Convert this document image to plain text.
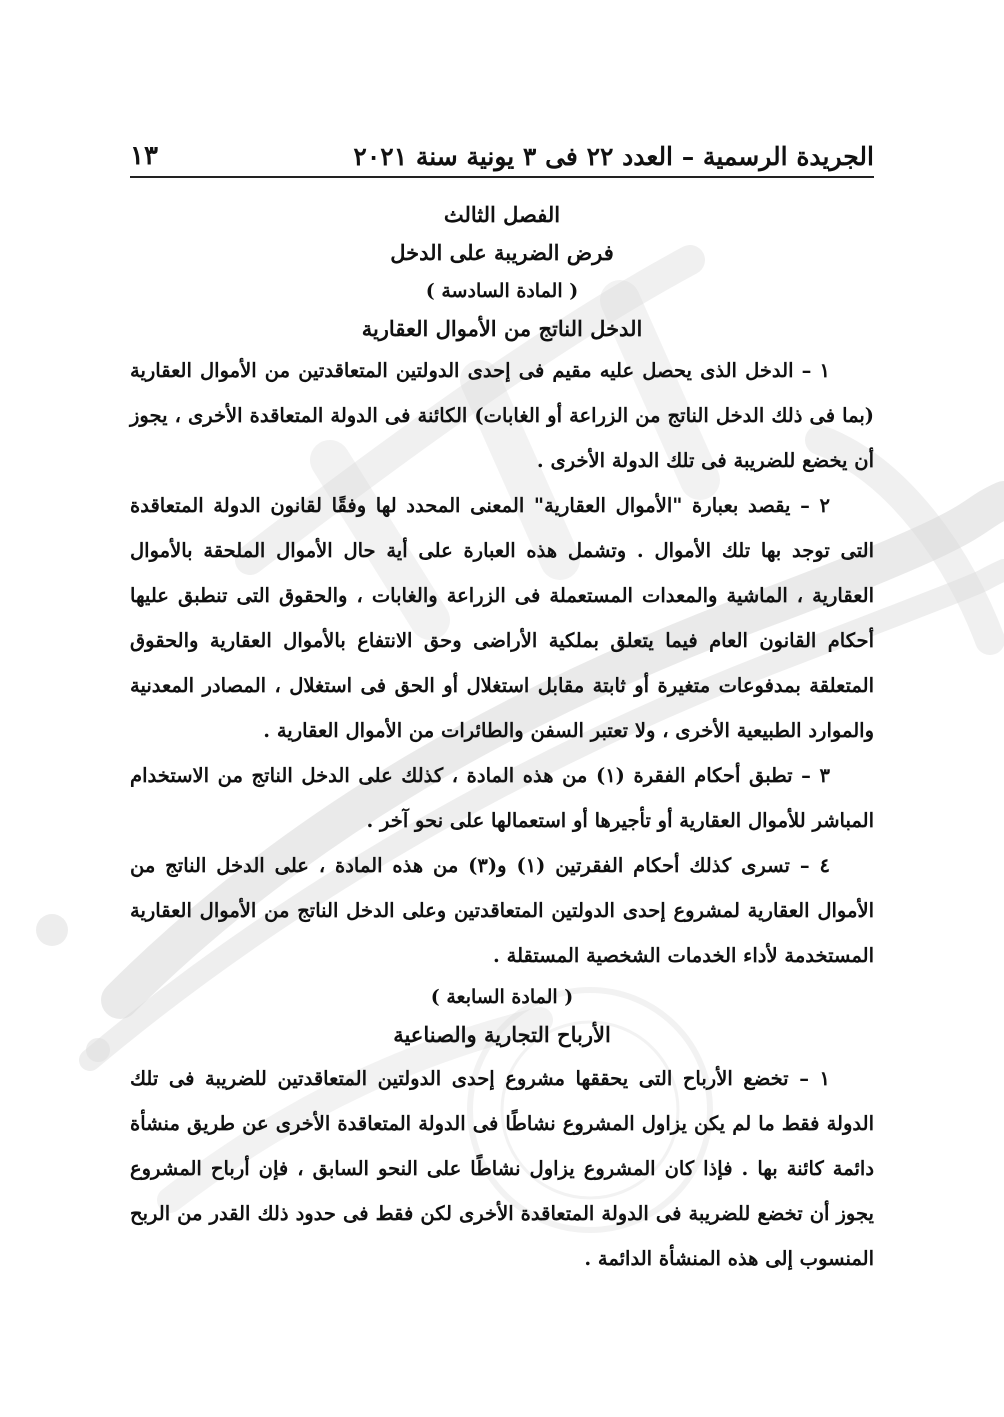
الجريدة الرسمية – العدد ٢٢ فى ٣ يونية سنة ٢٠٢١
١٣

الفصل الثالث

فرض الضريبة على الدخل

( المادة السادسة )

الدخل الناتج من الأموال العقارية

١ – الدخل الذى يحصل عليه مقيم فى إحدى الدولتين المتعاقدتين من الأموال العقارية (بما فى ذلك الدخل الناتج من الزراعة أو الغابات) الكائنة فى الدولة المتعاقدة الأخرى ، يجوز أن يخضع للضريبة فى تلك الدولة الأخرى .

٢ – يقصد بعبارة "الأموال العقارية" المعنى المحدد لها وفقًا لقانون الدولة المتعاقدة التى توجد بها تلك الأموال . وتشمل هذه العبارة على أية حال الأموال الملحقة بالأموال العقارية ، الماشية والمعدات المستعملة فى الزراعة والغابات ، والحقوق التى تنطبق عليها أحكام القانون العام فيما يتعلق بملكية الأراضى وحق الانتفاع بالأموال العقارية والحقوق المتعلقة بمدفوعات متغيرة أو ثابتة مقابل استغلال أو الحق فى استغلال ، المصادر المعدنية والموارد الطبيعية الأخرى ، ولا تعتبر السفن والطائرات من الأموال العقارية .

٣ – تطبق أحكام الفقرة (١) من هذه المادة ، كذلك على الدخل الناتج من الاستخدام المباشر للأموال العقارية أو تأجيرها أو استعمالها على نحو آخر .

٤ – تسرى كذلك أحكام الفقرتين (١) و(٣) من هذه المادة ، على الدخل الناتج من الأموال العقارية لمشروع إحدى الدولتين المتعاقدتين وعلى الدخل الناتج من الأموال العقارية المستخدمة لأداء الخدمات الشخصية المستقلة .

( المادة السابعة )

الأرباح التجارية والصناعية

١ – تخضع الأرباح التى يحققها مشروع إحدى الدولتين المتعاقدتين للضريبة فى تلك الدولة فقط ما لم يكن يزاول المشروع نشاطًا فى الدولة المتعاقدة الأخرى عن طريق منشأة دائمة كائنة بها . فإذا كان المشروع يزاول نشاطًا على النحو السابق ، فإن أرباح المشروع يجوز أن تخضع للضريبة فى الدولة المتعاقدة الأخرى لكن فقط فى حدود ذلك القدر من الربح المنسوب إلى هذه المنشأة الدائمة .
